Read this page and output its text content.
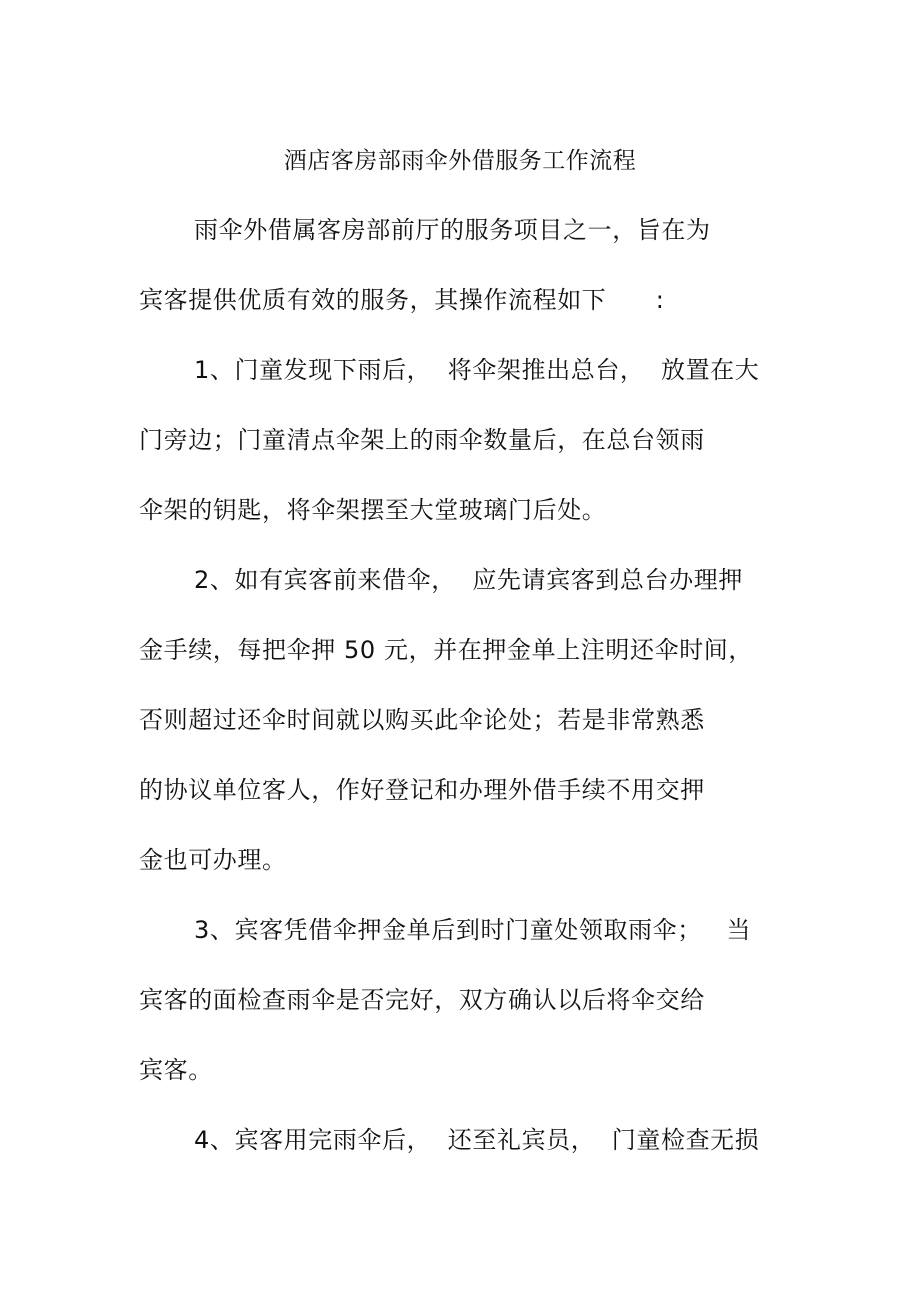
酒店客房部雨伞外借服务工作流程
雨伞外借属客房部前厅的服务项目之一，旨在为
宾客提供优质有效的服务，其操作流程如下      :
1、门童发现下雨后，  将伞架推出总台，  放置在大
门旁边；门童清点伞架上的雨伞数量后，在总台领雨
伞架的钥匙，将伞架摆至大堂玻璃门后处。
2、如有宾客前来借伞，  应先请宾客到总台办理押
金手续，每把伞押 50 元，并在押金单上注明还伞时间，
否则超过还伞时间就以购买此伞论处；若是非常熟悉
的协议单位客人，作好登记和办理外借手续不用交押
金也可办理。
3、宾客凭借伞押金单后到时门童处领取雨伞；   当
宾客的面检查雨伞是否完好，双方确认以后将伞交给
宾客。
4、宾客用完雨伞后，  还至礼宾员，  门童检查无损
